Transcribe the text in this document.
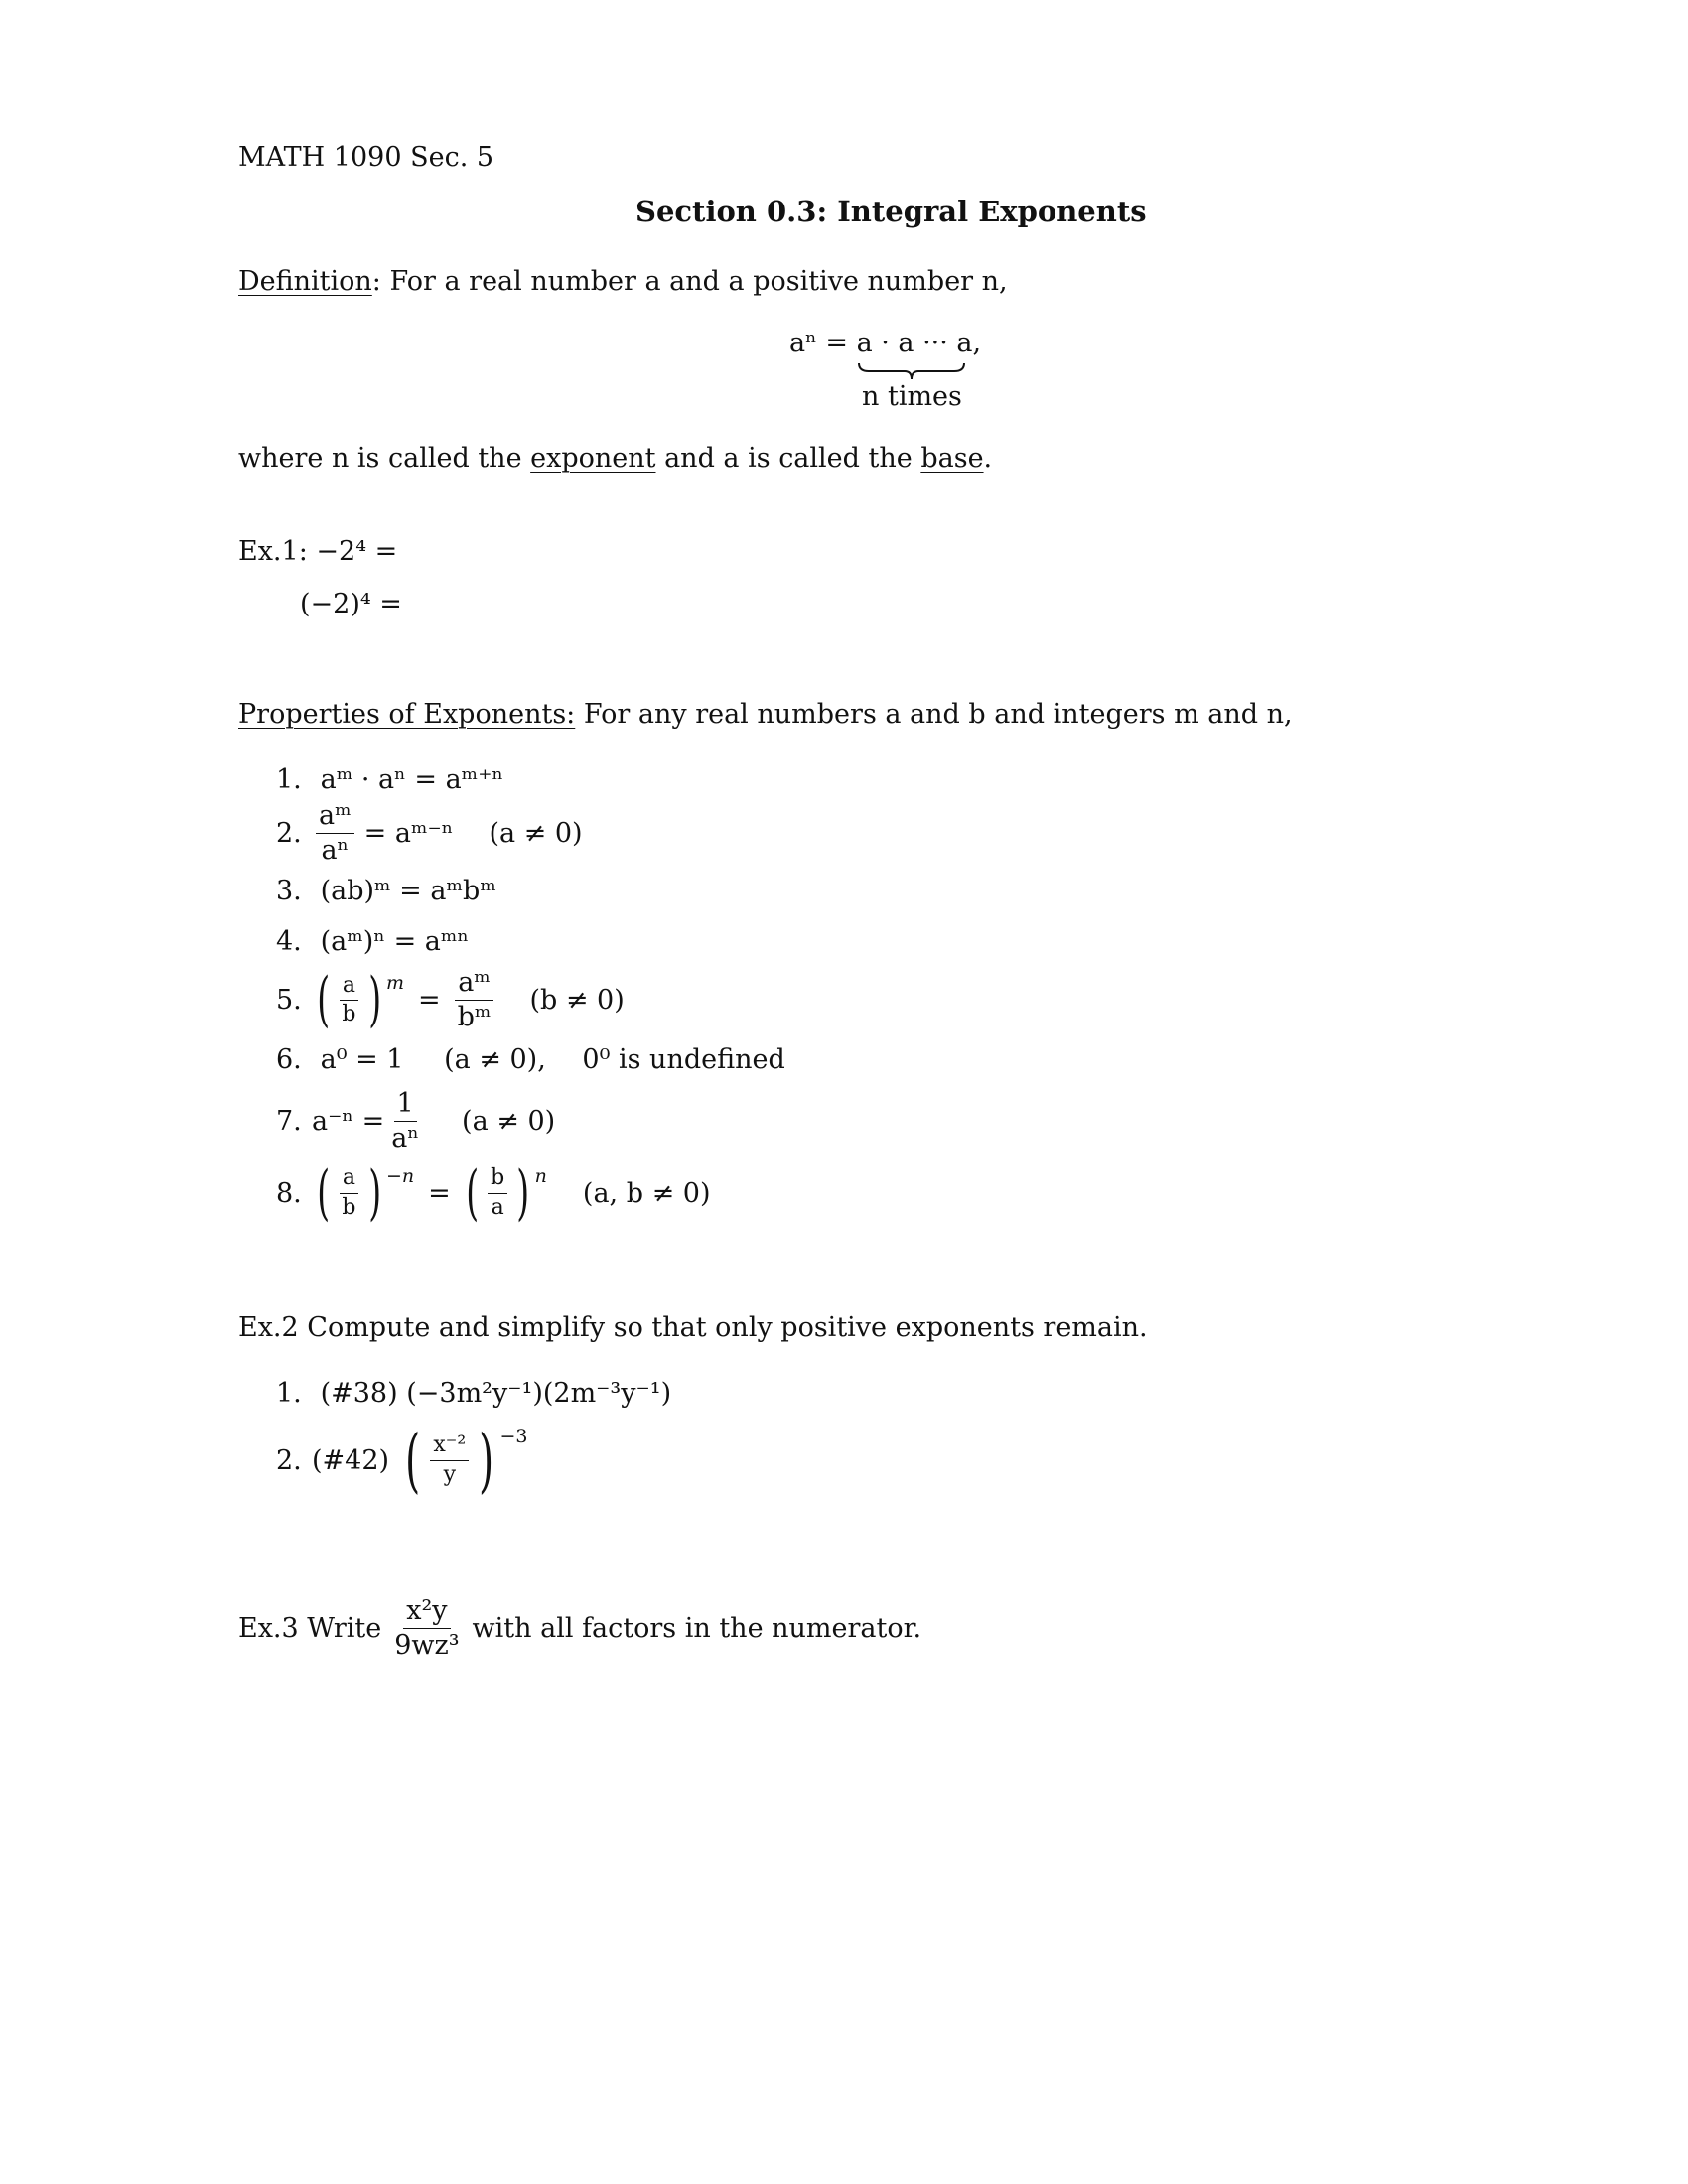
MATH 1090 Sec. 5
Section 0.3: Integral Exponents
Definition: For a real number a and a positive number n,
aⁿ = a · a ··· a,
n times
where n is called the exponent and a is called the base.
Ex.1: −2⁴ =
(−2)⁴ =
Properties of Exponents: For any real numbers a and b and integers m and n,
1. aᵐ · aⁿ = aᵐ⁺ⁿ
2. $\frac{\text{aᵐ}}{\text{aⁿ}}$ = aᵐ⁻ⁿ (a ≠ 0)
3. (ab)ᵐ = aᵐbᵐ
4. (aᵐ)ⁿ = aᵐⁿ
5. ( $\frac{a}{b}$ ) m
= $\frac{\text{aᵐ}}{\text{bᵐ}} (b \ne 0)$
6. a⁰ = 1 (a ≠ 0), 0⁰ is undefined
7. $a^{-n} = \frac{1}{\text{aⁿ}} (a \ne 0)$
8. ( $\frac{a}{b}$ ) −n
= ( $\frac{b}{a}$ ) n
(a, b ≠ 0)
Ex.2 Compute and simplify so that only positive exponents remain.
1. (#38) (−3m²y⁻¹)(2m⁻³y⁻¹)
2. (#42) ( $\frac{\text{x⁻²}}{y}$ ) −3
Ex.3 Write $\frac{\text{x²y}}{\text{9wz³}}$ with all factors in the numerator.
